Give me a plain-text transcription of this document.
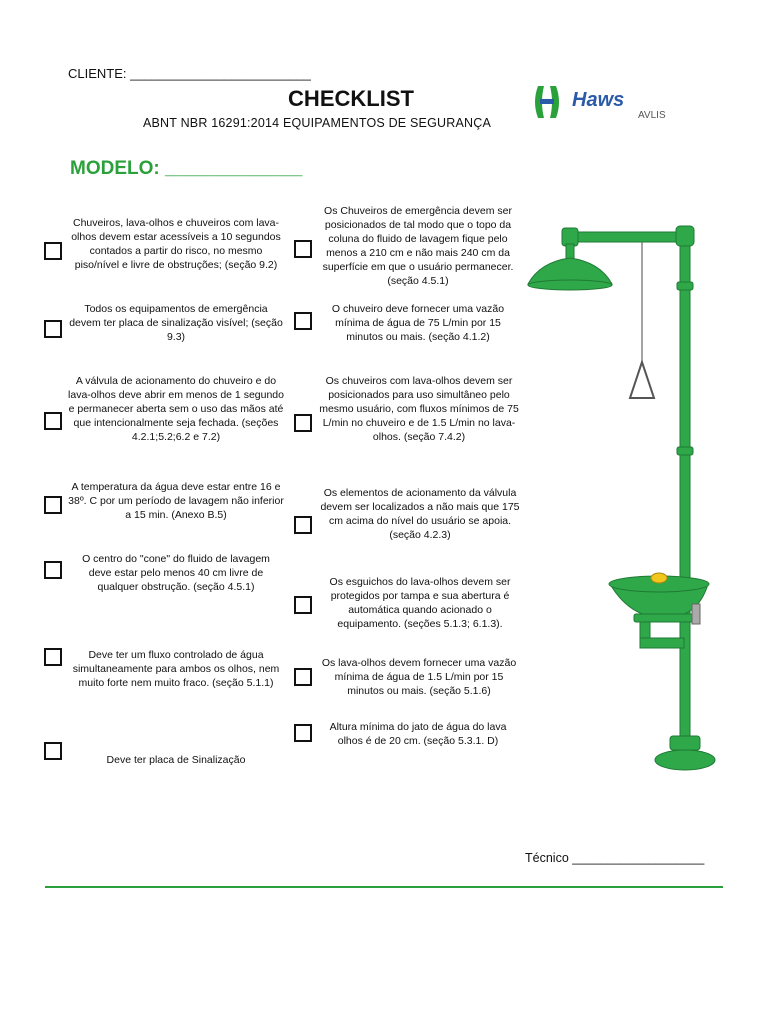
CLIENTE: _________________________
CHECKLIST
ABNT NBR 16291:2014 EQUIPAMENTOS DE SEGURANÇA
MODELO: _____________
Haws
AVLIS
Chuveiros, lava-olhos e chuveiros com lava-olhos devem estar acessíveis a 10 segundos contados a partir do risco, no mesmo piso/nível e livre de obstruções; (seção 9.2)
Todos os equipamentos de emergência devem ter placa de sinalização visível; (seção 9.3)
A válvula de acionamento do chuveiro e do lava-olhos deve abrir em menos de 1 segundo e permanecer aberta sem o uso das mãos até que intencionalmente seja fechada. (seções 4.2.1;5.2;6.2 e 7.2)
A temperatura da água deve estar entre 16 e 38º. C por um período de lavagem não inferior a 15 min. (Anexo B.5)
O centro do "cone" do fluido de lavagem deve estar pelo menos 40 cm livre de qualquer obstrução. (seção 4.5.1)
Deve ter um fluxo controlado de água simultaneamente para ambos os olhos, nem muito forte nem muito fraco. (seção 5.1.1)
Deve ter placa de Sinalização
Os Chuveiros de emergência devem ser posicionados de tal modo que o topo da coluna do fluido de lavagem fique pelo menos a 210 cm e não mais 240 cm da superfície em que o usuário permanecer. (seção 4.5.1)
O chuveiro deve fornecer uma vazão mínima de água de 75 L/min por 15 minutos ou mais. (seção 4.1.2)
Os chuveiros com lava-olhos devem ser posicionados para uso simultâneo pelo mesmo usuário, com fluxos mínimos de 75 L/min no chuveiro e de 1.5 L/min no lava-olhos. (seção 7.4.2)
Os elementos de acionamento da válvula devem ser localizados a não mais que 175 cm acima do nível do usuário se apoia. (seção 4.2.3)
Os esguichos do lava-olhos devem ser protegidos por tampa e sua abertura é automática quando acionado o equipamento. (seções 5.1.3; 6.1.3).
Os lava-olhos devem fornecer uma vazão mínima de água de 1.5 L/min por 15 minutos ou mais. (seção 5.1.6)
Altura mínima do jato de água do lava olhos é de 20 cm. (seção 5.3.1. D)
Técnico ___________________
